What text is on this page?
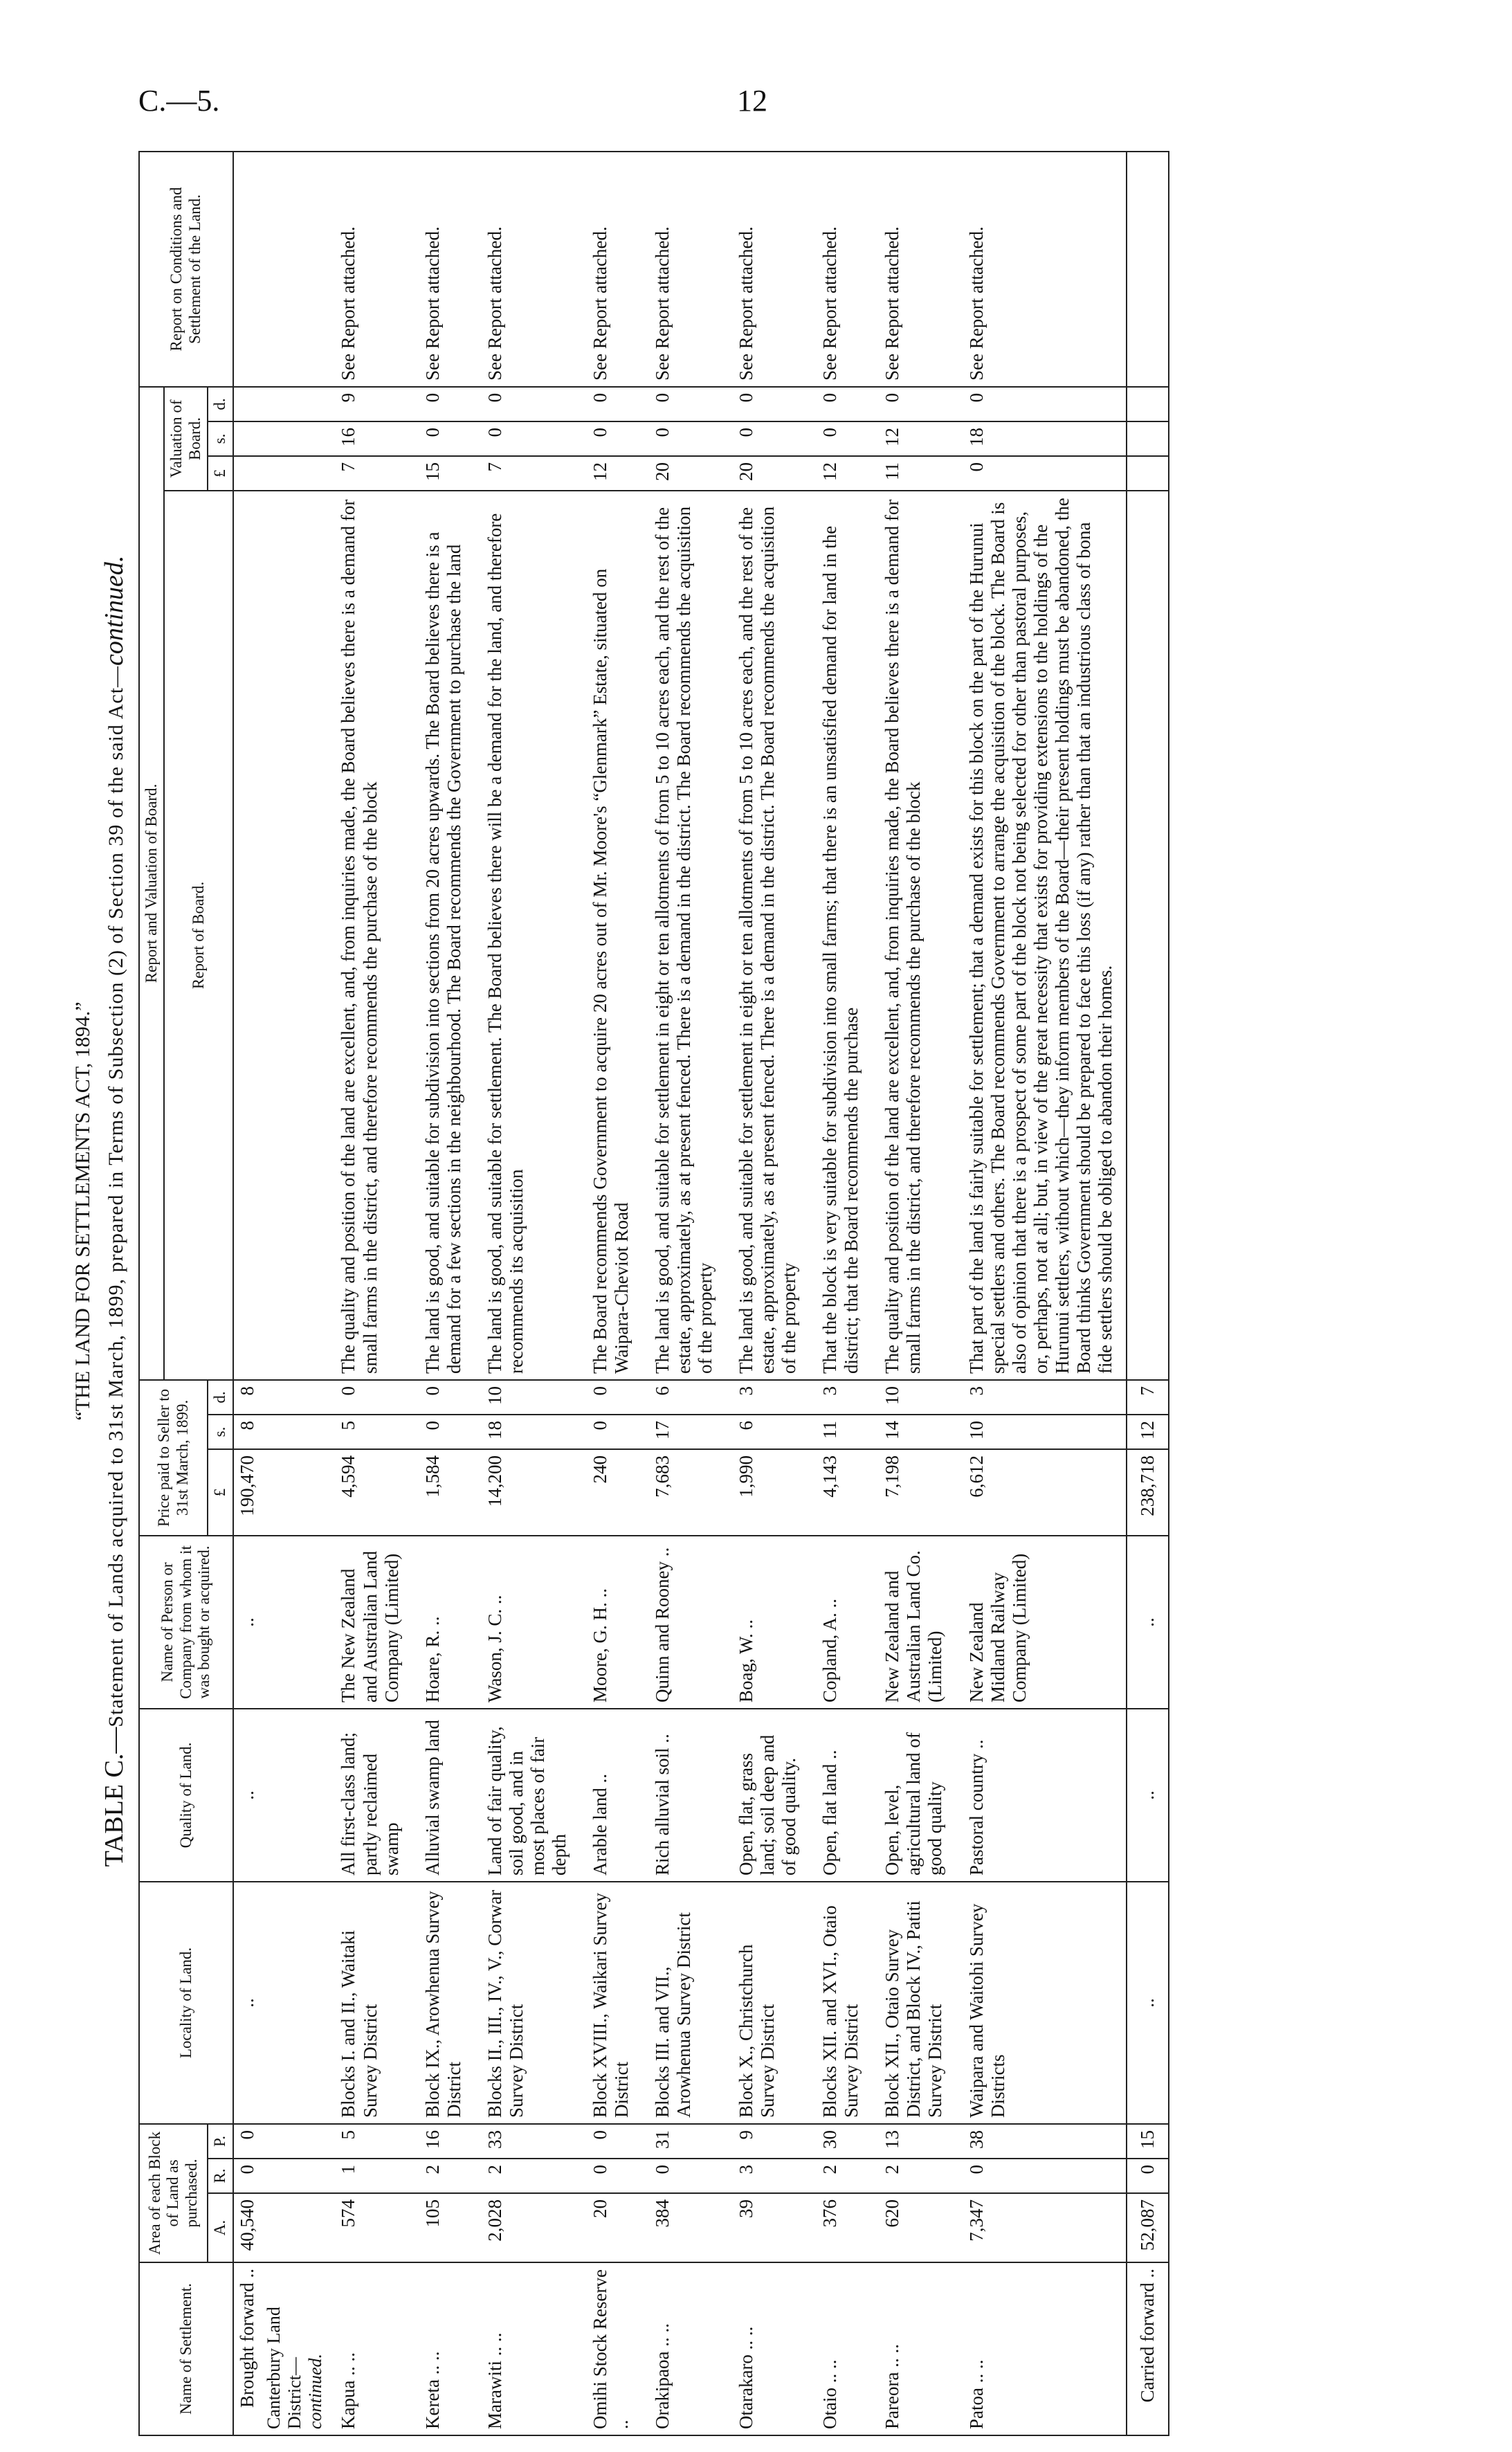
C.—5.	12
“THE LAND FOR SETTLEMENTS ACT, 1894.”
TABLE C.—Statement of Lands acquired to 31st March, 1899, prepared in Terms of Subsection (2) of Section 39 of the said Act—continued.
Name of Settlement.	Area of each Block of Land as purchased.			Locality of Land.	Quality of Land.	Name of Person or Company from whom it was bought or acquired.	Price paid to Seller to 31st March, 1899.			Report and Valuation of Board.				Report on Conditions and Settlement of the Land.
										Report of Board.	Valuation of Board.			
	A.	R.	P.				£	s.	d.		£	s.	d.	
Brought forward ..	40,540	0	0	..	..	..	190,470	8	8					
Canterbury Land District—
continued.														
Kapua .. ..	574	1	5	Blocks I. and II., Waitaki Survey District	All first-class land; partly reclaimed swamp	The New Zealand and Australian Land Company (Limited)	4,594	5	0	The quality and position of the land are excellent, and, from inquiries made, the Board believes there is a demand for small farms in the district, and therefore recommends the purchase of the block	7	16	9	See Report attached.
Kereta .. ..	105	2	16	Block IX., Arowhenua Survey District	Alluvial swamp land	Hoare, R. ..	1,584	0	0	The land is good, and suitable for subdivision into sections from 20 acres upwards. The Board believes there is a demand for a few sections in the neighbourhood. The Board recommends the Government to purchase the land	15	0	0	See Report attached.
Marawiti .. ..	2,028	2	33	Blocks II., III., IV., V., Corwar Survey District	Land of fair quality, soil good, and in most places of fair depth	Wason, J. C. ..	14,200	18	10	The land is good, and suitable for settlement. The Board believes there will be a demand for the land, and therefore recommends its acquisition	7	0	0	See Report attached.
Omihi Stock Reserve ..	20	0	0	Block XVIII., Waikari Survey District	Arable land ..	Moore, G. H. ..	240	0	0	The Board recommends Government to acquire 20 acres out of Mr. Moore's “Glenmark” Estate, situated on Waipara-Cheviot Road	12	0	0	See Report attached.
Orakipaoa .. ..	384	0	31	Blocks III. and VII., Arowhenua Survey District	Rich alluvial soil ..	Quinn and Rooney ..	7,683	17	6	The land is good, and suitable for settlement in eight or ten allotments of from 5 to 10 acres each, and the rest of the estate, approximately, as at present fenced. There is a demand in the district. The Board recommends the acquisition of the property	20	0	0	See Report attached.
Otarakaro .. ..	39	3	9	Block X., Christchurch Survey District	Open, flat, grass land; soil deep and of good quality.	Boag, W. ..	1,990	6	3	The land is good, and suitable for settlement in eight or ten allotments of from 5 to 10 acres each, and the rest of the estate, approximately, as at present fenced. There is a demand in the district. The Board recommends the acquisition of the property	20	0	0	See Report attached.
Otaio .. ..	376	2	30	Blocks XII. and XVI., Otaio Survey District	Open, flat land ..	Copland, A. ..	4,143	11	3	That the block is very suitable for subdivision into small farms; that there is an unsatisfied demand for land in the district; that the Board recommends the purchase	12	0	0	See Report attached.
Pareora .. ..	620	2	13	Block XII., Otaio Survey District, and Block IV., Patiti Survey District	Open, level, agricultural land of good quality	New Zealand and Australian Land Co. (Limited)	7,198	14	10	The quality and position of the land are excellent, and, from inquiries made, the Board believes there is a demand for small farms in the district, and therefore recommends the purchase of the block	11	12	0	See Report attached.
Patoa .. ..	7,347	0	38	Waipara and Waitohi Survey Districts	Pastoral country ..	New Zealand Midland Railway Company (Limited)	6,612	10	3	That part of the land is fairly suitable for settlement; that a demand exists for this block on the part of the Hurunui special settlers and others. The Board recommends Government to arrange the acquisition of the block. The Board is also of opinion that there is a prospect of some part of the block not being selected for other than pastoral purposes, or, perhaps, not at all; but, in view of the great necessity that exists for providing extensions to the holdings of the Hurunui settlers, without which—they inform members of the Board—their present holdings must be abandoned, the Board thinks Government should be prepared to face this loss (if any) rather than that an industrious class of bona fide settlers should be obliged to abandon their homes.	0	18	0	See Report attached.
Carried forward ..	52,087	0	15	..	..	..	238,718	12	7					
